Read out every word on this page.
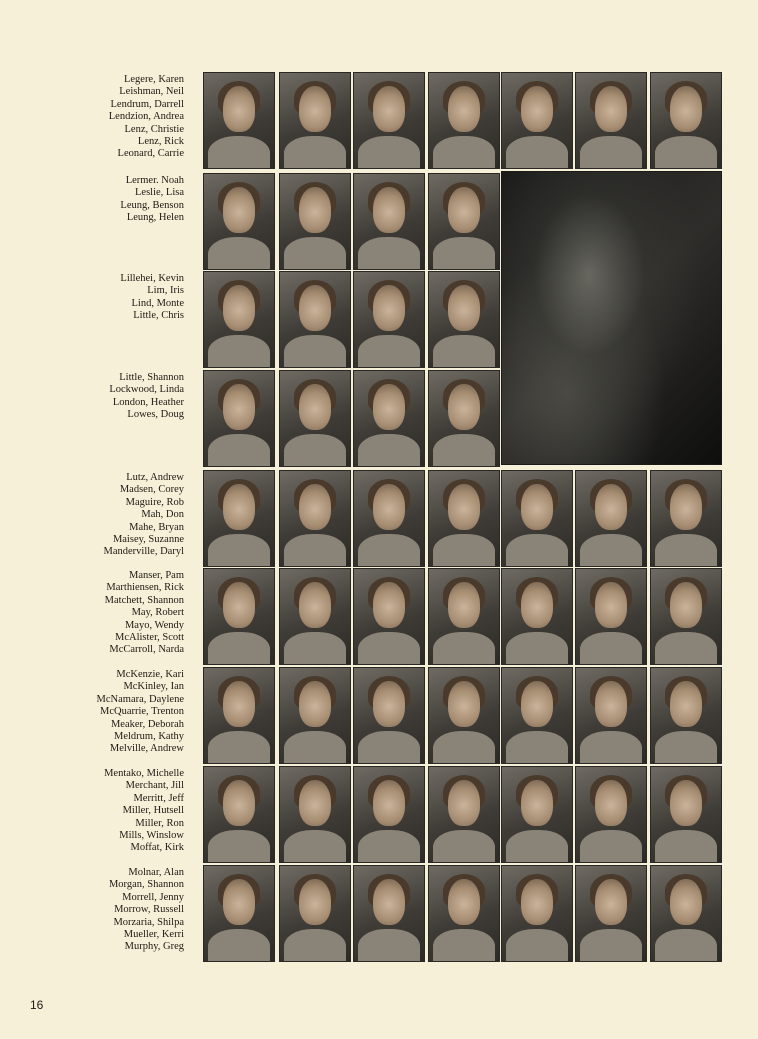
Legere, Karen
Leishman, Neil
Lendrum, Darrell
Lendzion, Andrea
Lenz, Christie
Lenz, Rick
Leonard, Carrie
Lermer. Noah
Leslie, Lisa
Leung, Benson
Leung, Helen
Lillehei, Kevin
Lim, Iris
Lind, Monte
Little, Chris
Little, Shannon
Lockwood, Linda
London, Heather
Lowes, Doug
Lutz, Andrew
Madsen, Corey
Maguire, Rob
Mah, Don
Mahe, Bryan
Maisey, Suzanne
Manderville, Daryl
Manser, Pam
Marthiensen, Rick
Matchett, Shannon
May, Robert
Mayo, Wendy
McAlister, Scott
McCarroll, Narda
McKenzie, Kari
McKinley, Ian
McNamara, Daylene
McQuarrie, Trenton
Meaker, Deborah
Meldrum, Kathy
Melville, Andrew
Mentako, Michelle
Merchant, Jill
Merritt, Jeff
Miller, Hutsell
Miller, Ron
Mills, Winslow
Moffat, Kirk
Molnar, Alan
Morgan, Shannon
Morrell, Jenny
Morrow, Russell
Morzaria, Shilpa
Mueller, Kerri
Murphy, Greg
16
